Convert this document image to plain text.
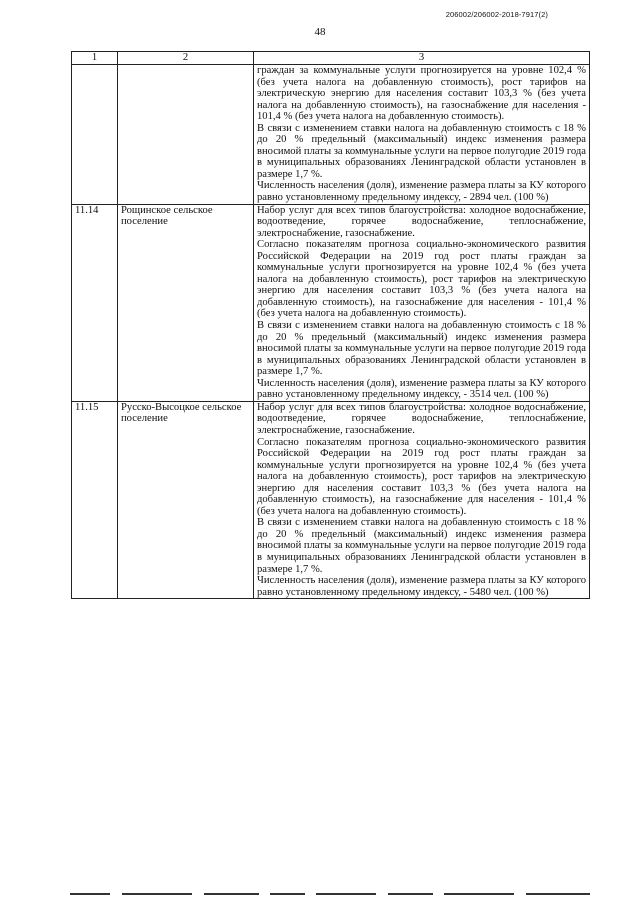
206002/206002-2018-7917(2)
48
1	2	3

		граждан за коммунальные услуги прогнозируется на уровне 102,4 % (без учета налога на добавленную стоимость), рост тарифов на электрическую энергию для населения составит 103,3 % (без учета налога на добавленную стоимость), на газоснабжение для населения - 101,4 % (без учета налога на добавленную стоимость).

В связи с изменением ставки налога на добавленную стоимость с 18 % до 20 % предельный (максимальный) индекс изменения размера вносимой платы за коммунальные услуги на первое полугодие 2019 года в муниципальных образованиях Ленинградской области установлен в размере 1,7 %.

Численность населения (доля), изменение размера платы за КУ которого равно установленному предельному индексу, - 2894 чел. (100 %)

11.14	Рощинское сельское поселение	Набор услуг для всех типов благоустройства: холодное водоснабжение, водоотведение, горячее водоснабжение, теплоснабжение, электроснабжение, газоснабжение.

Согласно показателям прогноза социально-экономического развития Российской Федерации на 2019 год рост платы граждан за коммунальные услуги прогнозируется на уровне 102,4 % (без учета налога на добавленную стоимость), рост тарифов на электрическую энергию для населения составит 103,3 % (без учета налога на добавленную стоимость), на газоснабжение для населения - 101,4 % (без учета налога на добавленную стоимость).

В связи с изменением ставки налога на добавленную стоимость с 18 % до 20 % предельный (максимальный) индекс изменения размера вносимой платы за коммунальные услуги на первое полугодие 2019 года в муниципальных образованиях Ленинградской области установлен в размере 1,7 %.

Численность населения (доля), изменение размера платы за КУ которого равно установленному предельному индексу, - 3514 чел. (100 %)

11.15	Русско-Высоцкое сельское поселение	Набор услуг для всех типов благоустройства: холодное водоснабжение, водоотведение, горячее водоснабжение, теплоснабжение, электроснабжение, газоснабжение.

Согласно показателям прогноза социально-экономического развития Российской Федерации на 2019 год рост платы граждан за коммунальные услуги прогнозируется на уровне 102,4 % (без учета налога на добавленную стоимость), рост тарифов на электрическую энергию для населения составит 103,3 % (без учета налога на добавленную стоимость), на газоснабжение для населения - 101,4 % (без учета налога на добавленную стоимость).

В связи с изменением ставки налога на добавленную стоимость с 18 % до 20 % предельный (максимальный) индекс изменения размера вносимой платы за коммунальные услуги на первое полугодие 2019 года в муниципальных образованиях Ленинградской области установлен в размере 1,7 %.

Численность населения (доля), изменение размера платы за КУ которого равно установленному предельному индексу, - 5480 чел. (100 %)
